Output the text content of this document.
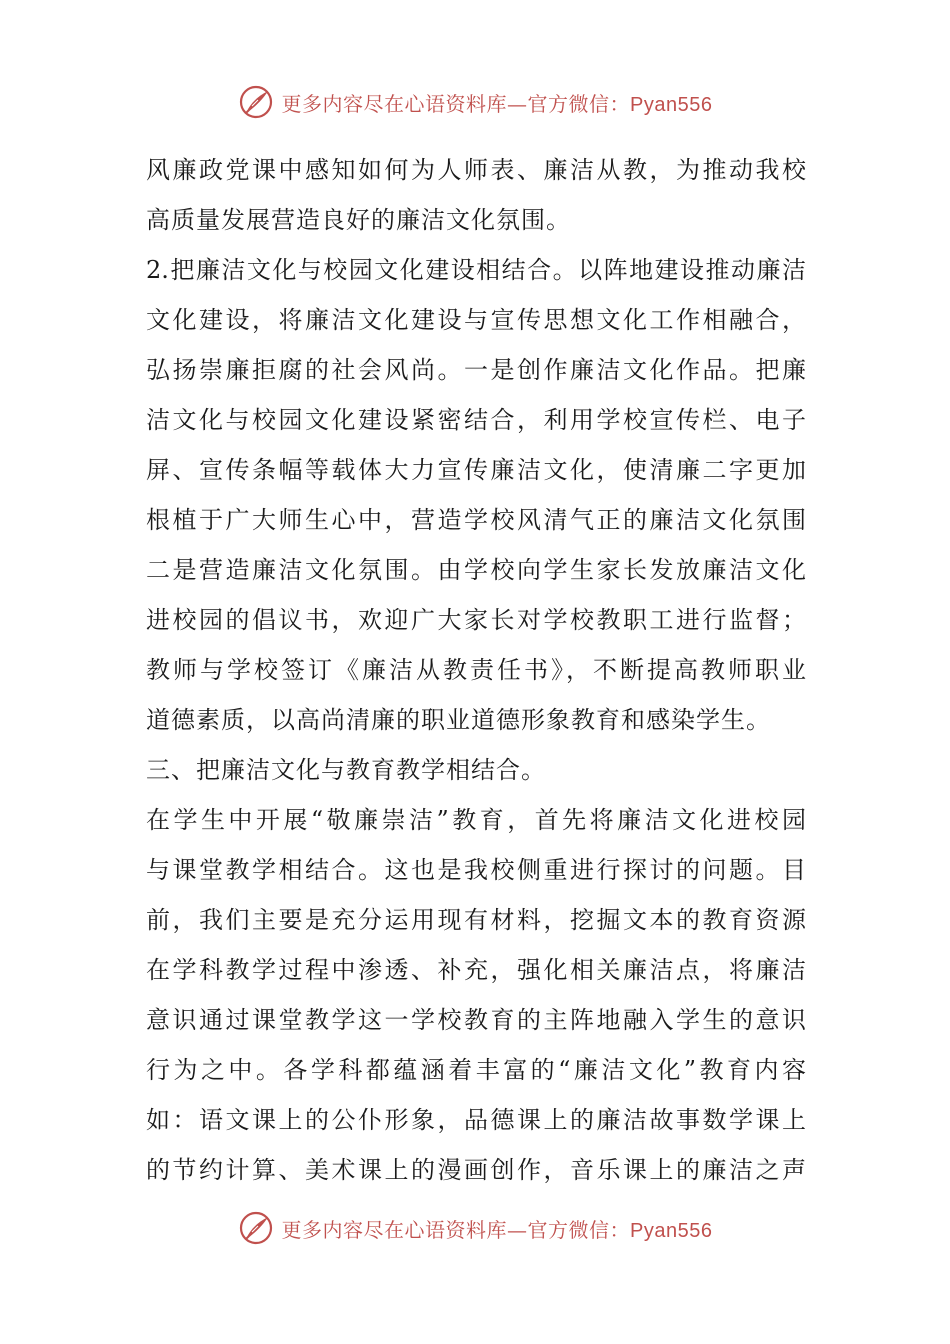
更多内容尽在心语资料库—官方微信：Pyan556
风廉政党课中感知如何为人师表、廉洁从教，为推动我校
高质量发展营造良好的廉洁文化氛围。
2.把廉洁文化与校园文化建设相结合。以阵地建设推动廉洁
文化建设，将廉洁文化建设与宣传思想文化工作相融合，
弘扬崇廉拒腐的社会风尚。一是创作廉洁文化作品。把廉
洁文化与校园文化建设紧密结合，利用学校宣传栏、电子
屏、宣传条幅等载体大力宣传廉洁文化，使清廉二字更加
根植于广大师生心中，营造学校风清气正的廉洁文化氛围
二是营造廉洁文化氛围。由学校向学生家长发放廉洁文化
进校园的倡议书，欢迎广大家长对学校教职工进行监督；
教师与学校签订《廉洁从教责任书》，不断提高教师职业
道德素质，以高尚清廉的职业道德形象教育和感染学生。
三、把廉洁文化与教育教学相结合。
在学生中开展“敬廉崇洁”教育，首先将廉洁文化进校园
与课堂教学相结合。这也是我校侧重进行探讨的问题。目
前，我们主要是充分运用现有材料，挖掘文本的教育资源
在学科教学过程中渗透、补充，强化相关廉洁点，将廉洁
意识通过课堂教学这一学校教育的主阵地融入学生的意识
行为之中。各学科都蕴涵着丰富的“廉洁文化”教育内容
如：语文课上的公仆形象，品德课上的廉洁故事数学课上
的节约计算、美术课上的漫画创作，音乐课上的廉洁之声
更多内容尽在心语资料库—官方微信：Pyan556
